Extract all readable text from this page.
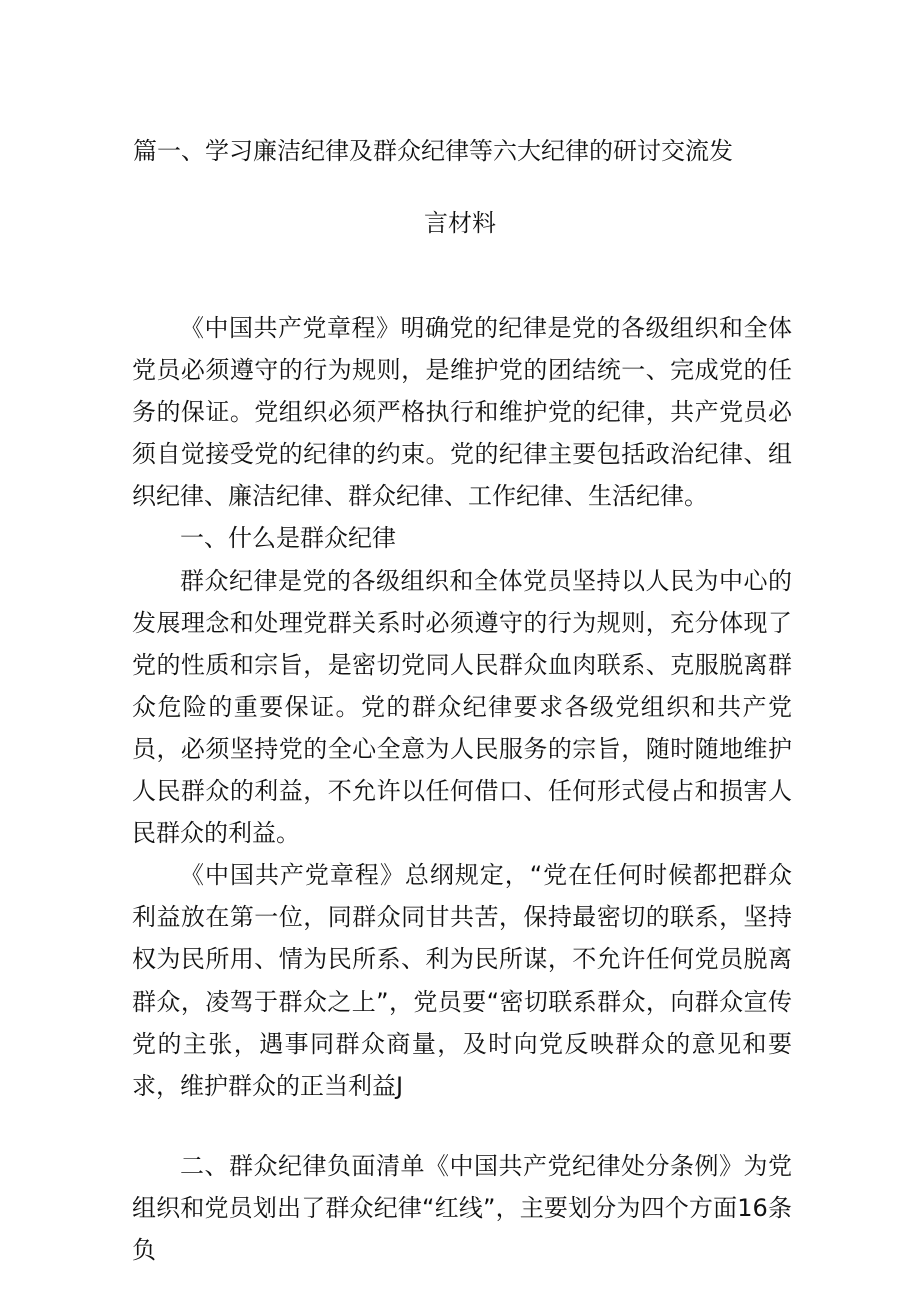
篇一、学习廉洁纪律及群众纪律等六大纪律的研讨交流发
言材料

《中国共产党章程》明确党的纪律是党的各级组织和全体党员必须遵守的行为规则，是维护党的团结统一、完成党的任务的保证。党组织必须严格执行和维护党的纪律，共产党员必须自觉接受党的纪律的约束。党的纪律主要包括政治纪律、组织纪律、廉洁纪律、群众纪律、工作纪律、生活纪律。

一、什么是群众纪律

群众纪律是党的各级组织和全体党员坚持以人民为中心的发展理念和处理党群关系时必须遵守的行为规则，充分体现了党的性质和宗旨，是密切党同人民群众血肉联系、克服脱离群众危险的重要保证。党的群众纪律要求各级党组织和共产党员，必须坚持党的全心全意为人民服务的宗旨，随时随地维护人民群众的利益，不允许以任何借口、任何形式侵占和损害人民群众的利益。

《中国共产党章程》总纲规定，“党在任何时候都把群众利益放在第一位，同群众同甘共苦，保持最密切的联系，坚持权为民所用、情为民所系、利为民所谋，不允许任何党员脱离群众，凌驾于群众之上”，党员要“密切联系群众，向群众宣传党的主张，遇事同群众商量，及时向党反映群众的意见和要求，维护群众的正当利益J

二、群众纪律负面清单《中国共产党纪律处分条例》为党组织和党员划出了群众纪律“红线”，主要划分为四个方面16条负
